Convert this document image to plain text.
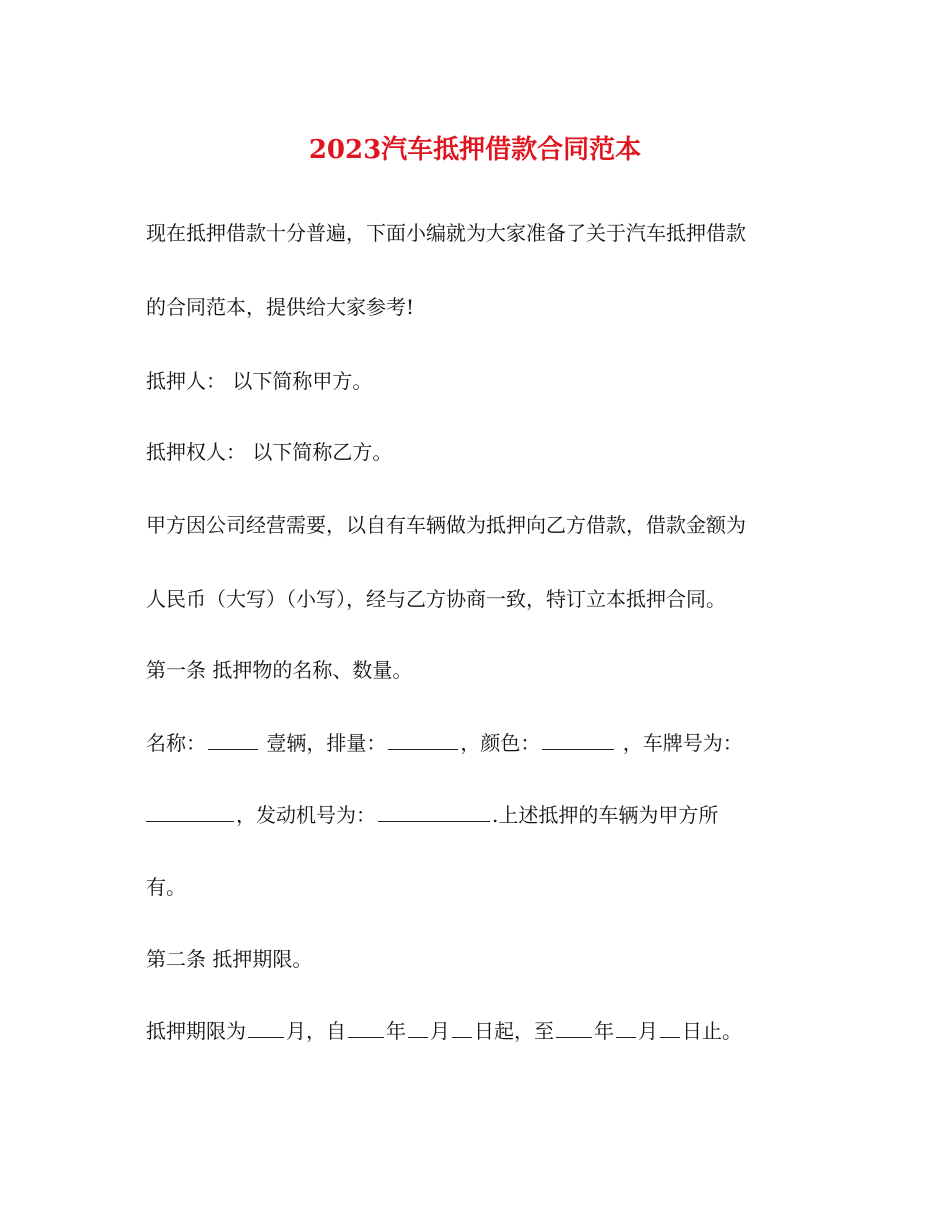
2023汽车抵押借款合同范本

现在抵押借款十分普遍，下面小编就为大家准备了关于汽车抵押借款

的合同范本，提供给大家参考!

抵押人： 以下简称甲方。

抵押权人： 以下简称乙方。

甲方因公司经营需要，以自有车辆做为抵押向乙方借款，借款金额为

人民币（大写）（小写），经与乙方协商一致，特订立本抵押合同。

第一条 抵押物的名称、数量。

名称：	壹辆，排量：	，颜色：	，车牌号为：

，发动机号为：	.上述抵押的车辆为甲方所

有。

第二条 抵押期限。

抵押期限为 月，自 年 月 日起，至 年 月 日止。
